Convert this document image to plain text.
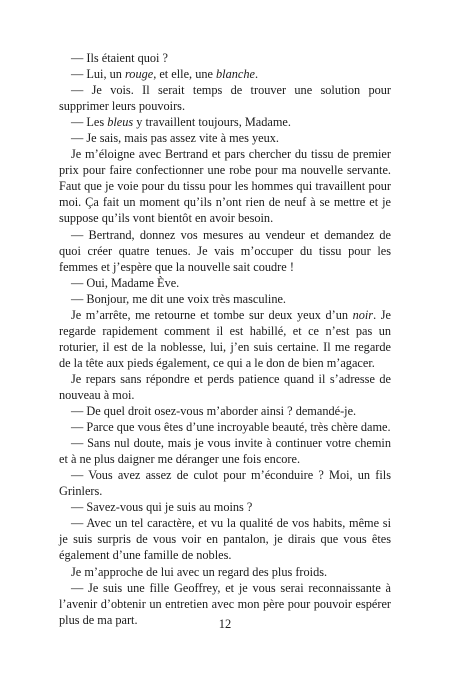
— Ils étaient quoi ?

— Lui, un rouge, et elle, une blanche.

— Je vois. Il serait temps de trouver une solution pour supprimer leurs pouvoirs.

— Les bleus y travaillent toujours, Madame.

— Je sais, mais pas assez vite à mes yeux.

Je m’éloigne avec Bertrand et pars chercher du tissu de premier prix pour faire confectionner une robe pour ma nouvelle servante. Faut que je voie pour du tissu pour les hommes qui travaillent pour moi. Ça fait un moment qu’ils n’ont rien de neuf à se mettre et je suppose qu’ils vont bientôt en avoir besoin.

— Bertrand, donnez vos mesures au vendeur et demandez de quoi créer quatre tenues. Je vais m’occuper du tissu pour les femmes et j’espère que la nouvelle sait coudre !

— Oui, Madame Ève.

— Bonjour, me dit une voix très masculine.

Je m’arrête, me retourne et tombe sur deux yeux d’un noir. Je regarde rapidement comment il est habillé, et ce n’est pas un roturier, il est de la noblesse, lui, j’en suis certaine. Il me regarde de la tête aux pieds également, ce qui a le don de bien m’agacer.

Je repars sans répondre et perds patience quand il s’adresse de nouveau à moi.

— De quel droit osez-vous m’aborder ainsi ? demandé-je.

— Parce que vous êtes d’une incroyable beauté, très chère dame.

— Sans nul doute, mais je vous invite à continuer votre chemin et à ne plus daigner me déranger une fois encore.

— Vous avez assez de culot pour m’éconduire ? Moi, un fils Grinlers.

— Savez-vous qui je suis au moins ?

— Avec un tel caractère, et vu la qualité de vos habits, même si je suis surpris de vous voir en pantalon, je dirais que vous êtes également d’une famille de nobles.

Je m’approche de lui avec un regard des plus froids.

— Je suis une fille Geoffrey, et je vous serai reconnaissante à l’avenir d’obtenir un entretien avec mon père pour pouvoir espérer plus de ma part.	12
